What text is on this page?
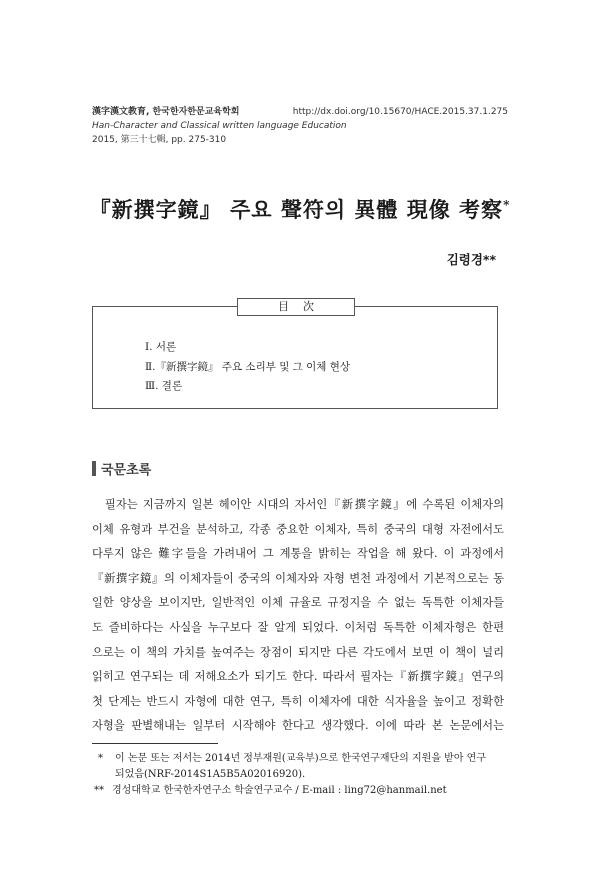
漢字漢文教育, 한국한자한문교육학회
Han-Character and Classical written language Education
2015, 第三十七輯, pp. 275-310
http://dx.doi.org/10.15670/HACE.2015.37.1.275
『新撰字鏡』 주요 聲符의 異體 現像 考察*
김령경**
目次
Ⅰ. 서론
Ⅱ.『新撰字鏡』 주요 소리부 및 그 이체 현상
Ⅲ. 결론
국문초록
　필자는 지금까지 일본 헤이안 시대의 자서인『新撰字鏡』에 수록된 이체자의
이체 유형과 부건을 분석하고, 각종 중요한 이체자, 특히 중국의 대형 자전에서도
다루지 않은 難字들을 가려내어 그 계통을 밝히는 작업을 해 왔다. 이 과정에서
『新撰字鏡』의 이체자들이 중국의 이체자와 자형 변천 과정에서 기본적으로는 동
일한 양상을 보이지만, 일반적인 이체 규율로 규정지을 수 없는 독특한 이체자들
도 즐비하다는 사실을 누구보다 잘 알게 되었다. 이처럼 독특한 이체자형은 한편
으로는 이 책의 가치를 높여주는 장점이 되지만 다른 각도에서 보면 이 책이 널리
읽히고 연구되는 데 저해요소가 되기도 한다. 따라서 필자는『新撰字鏡』연구의
첫 단계는 반드시 자형에 대한 연구, 특히 이체자에 대한 식자율을 높이고 정확한
자형을 판별해내는 일부터 시작해야 한다고 생각했다. 이에 따라 본 논문에서는
* 이 논문 또는 저서는 2014년 정부재원(교육부)으로 한국연구재단의 지원을 받아 연구
되었음(NRF-2014S1A5B5A02016920).
** 경성대학교 한국한자연구소 학술연구교수 / E-mail : ling72@hanmail.net
